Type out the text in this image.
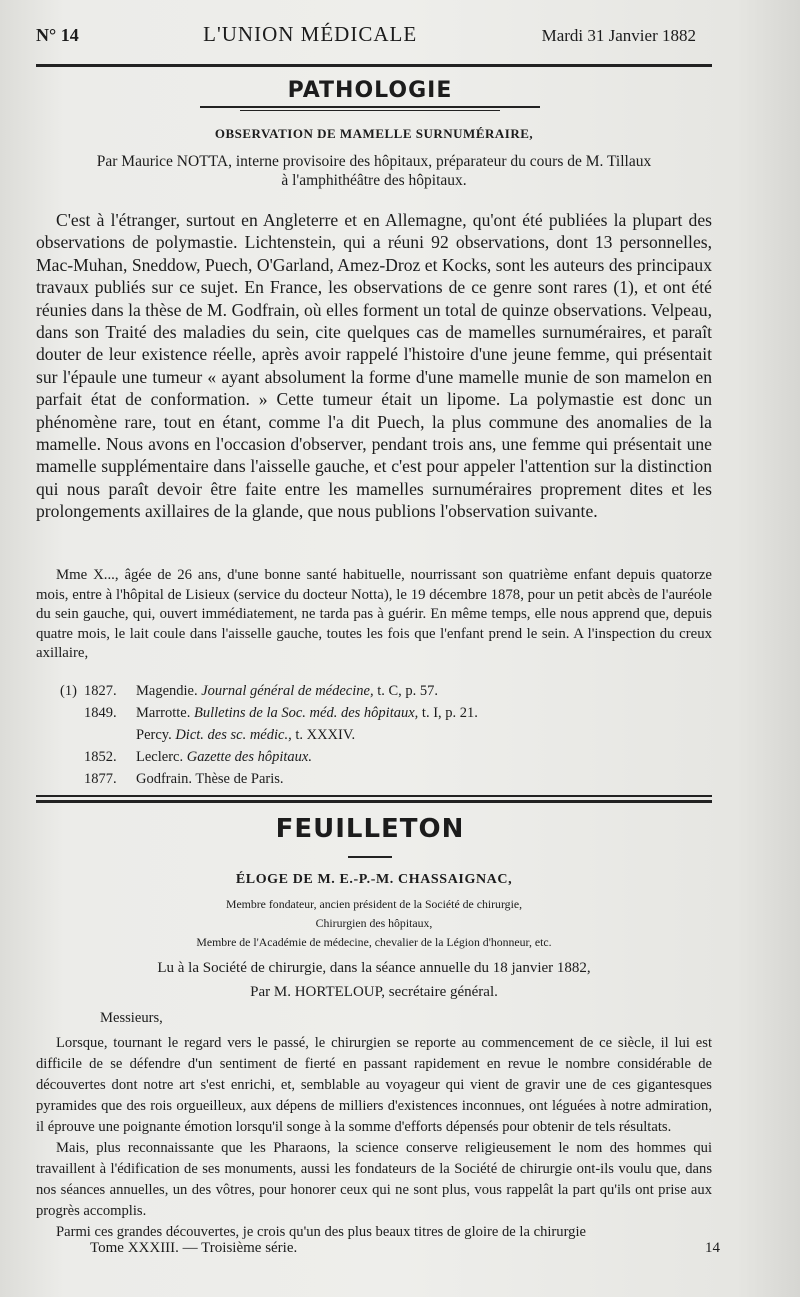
N° 14	L'UNION MÉDICALE	Mardi 31 Janvier 1882
PATHOLOGIE
OBSERVATION DE MAMELLE SURNUMÉRAIRE,
Par Maurice NOTTA, interne provisoire des hôpitaux, préparateur du cours de M. Tillaux
à l'amphithéâtre des hôpitaux.

C'est à l'étranger, surtout en Angleterre et en Allemagne, qu'ont été publiées la plupart des observations de polymastie. Lichtenstein, qui a réuni 92 observations, dont 13 personnelles, Mac-Muhan, Sneddow, Puech, O'Garland, Amez-Droz et Kocks, sont les auteurs des principaux travaux publiés sur ce sujet. En France, les observations de ce genre sont rares (1), et ont été réunies dans la thèse de M. Godfrain, où elles forment un total de quinze observations. Velpeau, dans son Traité des maladies du sein, cite quelques cas de mamelles surnuméraires, et paraît douter de leur existence réelle, après avoir rappelé l'histoire d'une jeune femme, qui présentait sur l'épaule une tumeur « ayant absolument la forme d'une mamelle munie de son mamelon en parfait état de conformation. » Cette tumeur était un lipome. La polymastie est donc un phénomène rare, tout en étant, comme l'a dit Puech, la plus commune des anomalies de la mamelle. Nous avons en l'occasion d'observer, pendant trois ans, une femme qui présentait une mamelle supplémentaire dans l'aisselle gauche, et c'est pour appeler l'attention sur la distinction qui nous paraît devoir être faite entre les mamelles surnuméraires proprement dites et les prolongements axillaires de la glande, que nous publions l'observation suivante.

Mme X..., âgée de 26 ans, d'une bonne santé habituelle, nourrissant son quatrième enfant depuis quatorze mois, entre à l'hôpital de Lisieux (service du docteur Notta), le 19 décembre 1878, pour un petit abcès de l'auréole du sein gauche, qui, ouvert immédiatement, ne tarda pas à guérir. En même temps, elle nous apprend que, depuis quatre mois, le lait coule dans l'aisselle gauche, toutes les fois que l'enfant prend le sein. A l'inspection du creux axillaire,

(1) 1827.	Magendie. Journal général de médecine, t. C, p. 57.
1849.	Marrotte. Bulletins de la Soc. méd. des hôpitaux, t. I, p. 21.
Percy. Dict. des sc. médic., t. XXXIV.
1852.	Leclerc. Gazette des hôpitaux.
1877.	Godfrain. Thèse de Paris.
FEUILLETON
ÉLOGE DE M. E.-P.-M. CHASSAIGNAC,
Membre fondateur, ancien président de la Société de chirurgie,
Chirurgien des hôpitaux,
Membre de l'Académie de médecine, chevalier de la Légion d'honneur, etc.
Lu à la Société de chirurgie, dans la séance annuelle du 18 janvier 1882,
Par M. HORTELOUP, secrétaire général.

Messieurs,

Lorsque, tournant le regard vers le passé, le chirurgien se reporte au commencement de ce siècle, il lui est difficile de se défendre d'un sentiment de fierté en passant rapidement en revue le nombre considérable de découvertes dont notre art s'est enrichi, et, semblable au voyageur qui vient de gravir une de ces gigantesques pyramides que des rois orgueilleux, aux dépens de milliers d'existences inconnues, ont léguées à notre admiration, il éprouve une poignante émotion lorsqu'il songe à la somme d'efforts dépensés pour obtenir de tels résultats.

Mais, plus reconnaissante que les Pharaons, la science conserve religieusement le nom des hommes qui travaillent à l'édification de ses monuments, aussi les fondateurs de la Société de chirurgie ont-ils voulu que, dans nos séances annuelles, un des vôtres, pour honorer ceux qui ne sont plus, vous rappelât la part qu'ils ont prise aux progrès accomplis.

Parmi ces grandes découvertes, je crois qu'un des plus beaux titres de gloire de la chirurgie

Tome XXXIII. — Troisième série.	14
